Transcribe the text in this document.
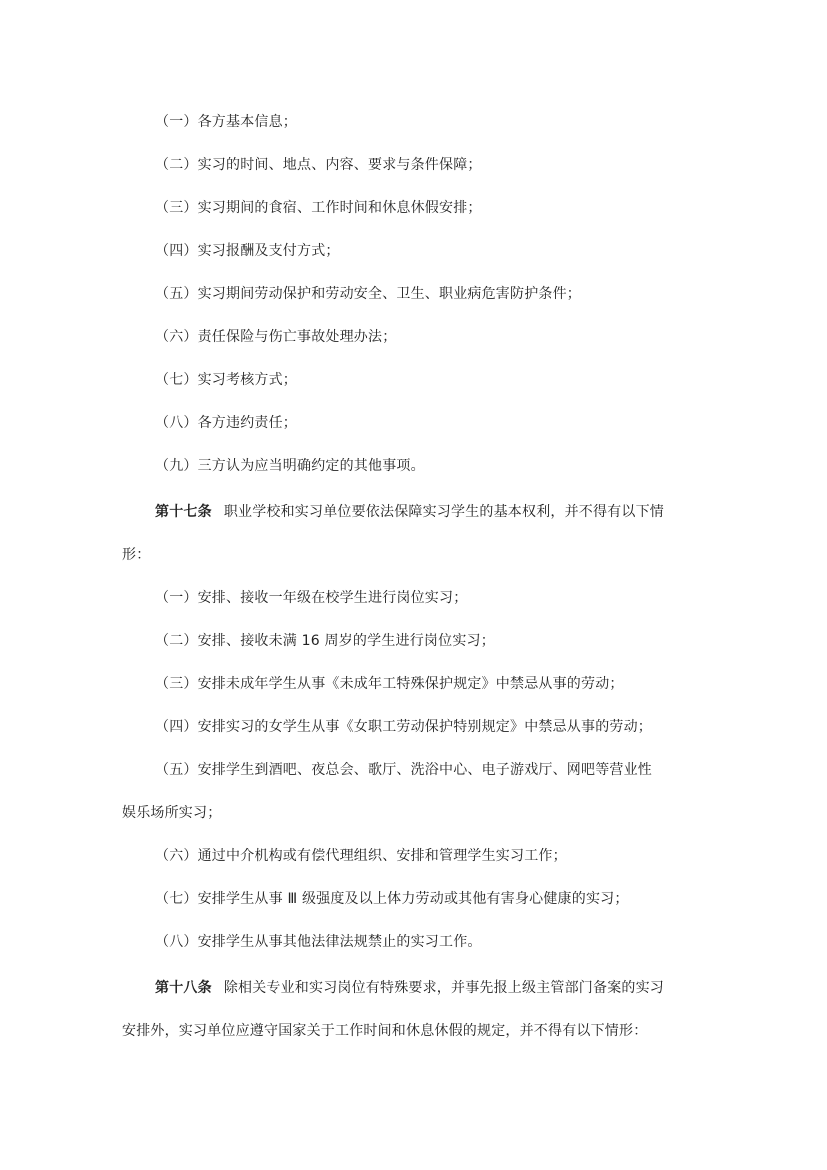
（一）各方基本信息；
（二）实习的时间、地点、内容、要求与条件保障；
（三）实习期间的食宿、工作时间和休息休假安排；
（四）实习报酬及支付方式；
（五）实习期间劳动保护和劳动安全、卫生、职业病危害防护条件；
（六）责任保险与伤亡事故处理办法；
（七）实习考核方式；
（八）各方违约责任；
（九）三方认为应当明确约定的其他事项。
第十七条 职业学校和实习单位要依法保障实习学生的基本权利，并不得有以下情
形：
（一）安排、接收一年级在校学生进行岗位实习；
（二）安排、接收未满 16 周岁的学生进行岗位实习；
（三）安排未成年学生从事《未成年工特殊保护规定》中禁忌从事的劳动；
（四）安排实习的女学生从事《女职工劳动保护特别规定》中禁忌从事的劳动；
（五）安排学生到酒吧、夜总会、歌厅、洗浴中心、电子游戏厅、网吧等营业性
娱乐场所实习；
（六）通过中介机构或有偿代理组织、安排和管理学生实习工作；
（七）安排学生从事 Ⅲ 级强度及以上体力劳动或其他有害身心健康的实习；
（八）安排学生从事其他法律法规禁止的实习工作。
第十八条 除相关专业和实习岗位有特殊要求，并事先报上级主管部门备案的实习
安排外，实习单位应遵守国家关于工作时间和休息休假的规定，并不得有以下情形：
